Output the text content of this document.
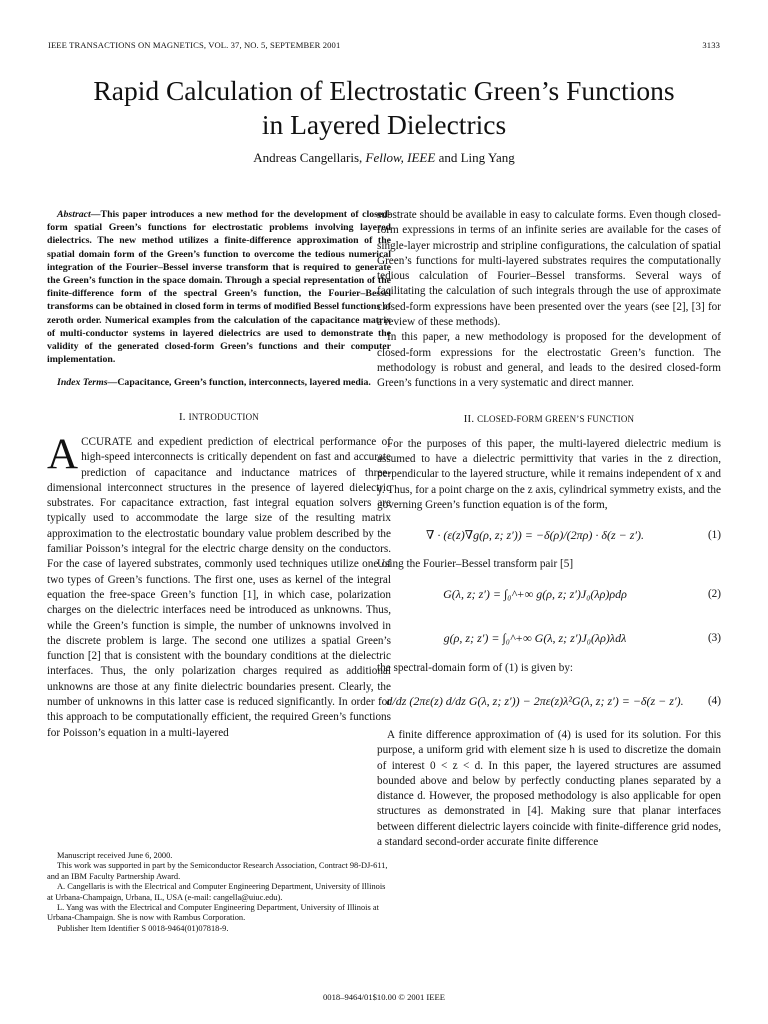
IEEE TRANSACTIONS ON MAGNETICS, VOL. 37, NO. 5, SEPTEMBER 2001	3133
Rapid Calculation of Electrostatic Green’s Functions
in Layered Dielectrics
Andreas Cangellaris, Fellow, IEEE and Ling Yang

Abstract—This paper introduces a new method for the development of closed-form spatial Green’s functions for electrostatic problems involving layered dielectrics. The new method utilizes a finite-difference approximation of the spatial domain form of the Green’s function to overcome the tedious numerical integration of the Fourier–Bessel inverse transform that is required to generate the Green’s function in the space domain. Through a special representation of the finite-difference form of the spectral Green’s function, the Fourier–Bessel transforms can be obtained in closed form in terms of modified Bessel functions of zeroth order. Numerical examples from the calculation of the capacitance matrix of multi-conductor systems in layered dielectrics are used to demonstrate the validity of the generated closed-form Green’s functions and their computer implementation.

Index Terms—Capacitance, Green’s function, interconnects, layered media.

I. INTRODUCTION

ACCURATE and expedient prediction of electrical performance of high-speed interconnects is critically dependent on fast and accurate prediction of capacitance and inductance matrices of three-dimensional interconnect structures in the presence of layered dielectric substrates. For capacitance extraction, fast integral equation solvers are typically used to accommodate the large size of the resulting matrix approximation to the electrostatic boundary value problem described by the familiar Poisson’s integral for the electric charge density on the conductors. For the case of layered substrates, commonly used techniques utilize one of two types of Green’s functions. The first one, uses as kernel of the integral equation the free-space Green’s function [1], in which case, polarization charges on the dielectric interfaces need be introduced as unknowns. Thus, while the Green’s function is simple, the number of unknowns involved in the discrete problem is large. The second one utilizes a spatial Green’s function [2] that is consistent with the boundary conditions at the dielectric interfaces. Thus, the only polarization charges required as additional unknowns are those at any finite dielectric boundaries present. Clearly, the number of unknowns in this latter case is reduced significantly. In order for this approach to be computationally efficient, the required Green’s functions for Poisson’s equation in a multi-layered

Manuscript received June 6, 2000.

This work was supported in part by the Semiconductor Research Association, Contract 98-DJ-611, and an IBM Faculty Partnership Award.

A. Cangellaris is with the Electrical and Computer Engineering Department, University of Illinois at Urbana-Champaign, Urbana, IL, USA (e-mail: cangella@uiuc.edu).

L. Yang was with the Electrical and Computer Engineering Department, University of Illinois at Urbana-Champaign. She is now with Rambus Corporation.

Publisher Item Identifier S 0018-9464(01)07818-9.

substrate should be available in easy to calculate forms. Even though closed-form expressions in terms of an infinite series are available for the cases of single-layer microstrip and stripline configurations, the calculation of spatial Green’s functions for multi-layered substrates requires the computationally tedious calculation of Fourier–Bessel transforms. Several ways of facilitating the calculation of such integrals through the use of approximate closed-form expressions have been presented over the years (see [2], [3] for a review of these methods).

In this paper, a new methodology is proposed for the development of closed-form expressions for the electrostatic Green’s function. The methodology is robust and general, and leads to the desired closed-form Green’s functions in a very systematic and direct manner.

II. CLOSED-FORM GREEN’S FUNCTION

For the purposes of this paper, the multi-layered dielectric medium is assumed to have a dielectric permittivity that varies in the z direction, perpendicular to the layered structure, while it remains independent of x and y. Thus, for a point charge on the z axis, cylindrical symmetry exists, and the governing Green’s function equation is of the form,

∇ · (ε(z)∇g(ρ, z; z′)) = −δ(ρ)/(2πρ) · δ(z − z′).	(1)

Using the Fourier–Bessel transform pair [5]

G(λ, z; z′) = ∫₀^+∞ g(ρ, z; z′)J₀(λρ)ρdρ	(2)
g(ρ, z; z′) = ∫₀^+∞ G(λ, z; z′)J₀(λρ)λdλ	(3)

the spectral-domain form of (1) is given by:

d/dz (2πε(z) d/dz G(λ, z; z′)) − 2πε(z)λ²G(λ, z; z′) = −δ(z − z′).	(4)

A finite difference approximation of (4) is used for its solution. For this purpose, a uniform grid with element size h is used to discretize the domain of interest 0 < z < d. In this paper, the layered structures are assumed bounded above and below by perfectly conducting planes separated by a distance d. However, the proposed methodology is also applicable for open structures as demonstrated in [4]. Making sure that planar interfaces between different dielectric layers coincide with finite-difference grid nodes, a standard second-order accurate finite difference

0018–9464/01$10.00 © 2001 IEEE
